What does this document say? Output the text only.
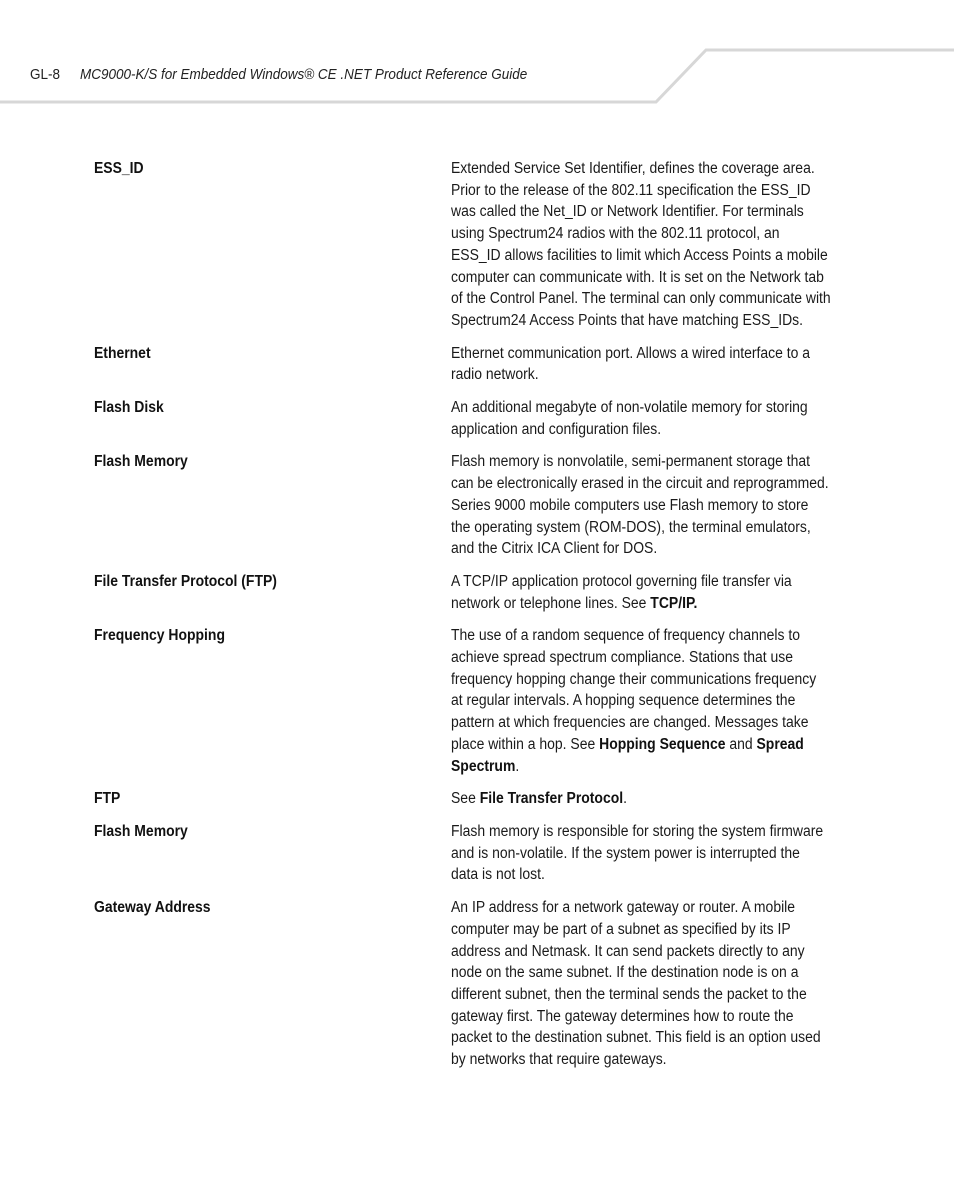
GL-8 MC9000-K/S for Embedded Windows® CE .NET Product Reference Guide
ESS_ID	Extended Service Set Identifier, defines the coverage area. Prior to the release of the 802.11 specification the ESS_ID was called the Net_ID or Network Identifier. For terminals using Spectrum24 radios with the 802.11 protocol, an ESS_ID allows facilities to limit which Access Points a mobile computer can communicate with. It is set on the Network tab of the Control Panel. The terminal can only communicate with Spectrum24 Access Points that have matching ESS_IDs.
Ethernet	Ethernet communication port. Allows a wired interface to a radio network.
Flash Disk	An additional megabyte of non-volatile memory for storing application and configuration files.
Flash Memory	Flash memory is nonvolatile, semi-permanent storage that can be electronically erased in the circuit and reprogrammed. Series 9000 mobile computers use Flash memory to store the operating system (ROM-DOS), the terminal emulators, and the Citrix ICA Client for DOS.
File Transfer Protocol (FTP)	A TCP/IP application protocol governing file transfer via network or telephone lines. See TCP/IP.
Frequency Hopping	The use of a random sequence of frequency channels to achieve spread spectrum compliance. Stations that use frequency hopping change their communications frequency at regular intervals. A hopping sequence determines the pattern at which frequencies are changed. Messages take place within a hop. See Hopping Sequence and Spread Spectrum.
FTP	See File Transfer Protocol.
Flash Memory	Flash memory is responsible for storing the system firmware and is non-volatile. If the system power is interrupted the data is not lost.
Gateway Address	An IP address for a network gateway or router. A mobile computer may be part of a subnet as specified by its IP address and Netmask. It can send packets directly to any node on the same subnet. If the destination node is on a different subnet, then the terminal sends the packet to the gateway first. The gateway determines how to route the packet to the destination subnet. This field is an option used by networks that require gateways.
